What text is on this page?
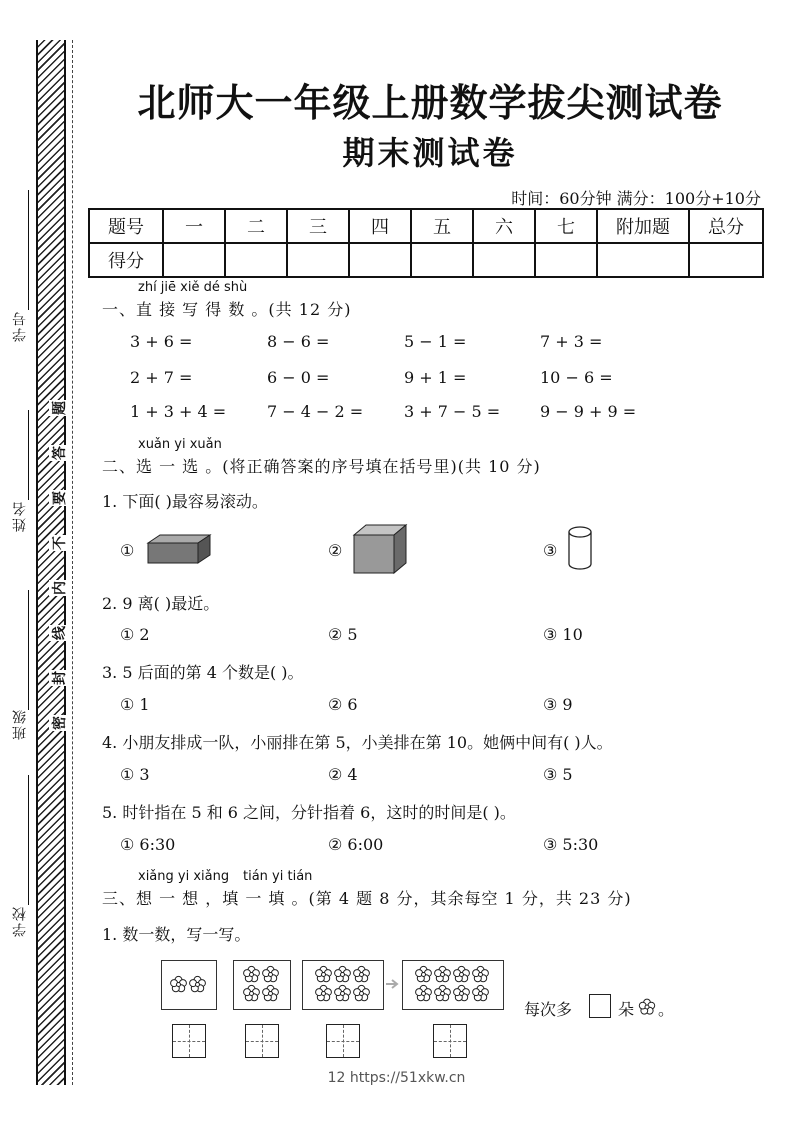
学号
姓名
班级
学校
题
答
要
不
内
线
封
密
北师大一年级上册数学拔尖测试卷
期末测试卷
时间：60分钟 满分：100分+10分
题号	一	二	三	四	五	六	七	附加题	总分
得分									
zhí jiē xiě dé shù
一、直 接 写 得 数 。(共 12 分)
3 + 6 =	8 − 6 =	5 − 1 =	7 + 3 =
2 + 7 =	6 − 0 =	9 + 1 =	10 − 6 =
1 + 3 + 4 =	7 − 4 − 2 =	3 + 7 − 5 = 9 − 9 + 9 =
xuǎn yi xuǎn
二、选 一 选 。(将正确答案的序号填在括号里)(共 10 分)
1. 下面( )最容易滚动。
①	②	③
2. 9 离( )最近。
① 2	② 5	③ 10
3. 5 后面的第 4 个数是( )。
① 1	② 6	③ 9
4. 小朋友排成一队，小丽排在第 5，小美排在第 10。她俩中间有( )人。
① 3	② 4	③ 5
5. 时针指在 5 和 6 之间，分针指着 6，这时的时间是( )。
① 6:30	② 6:00	③ 5:30
xiǎng yi xiǎng tián yi tián
三、想 一 想 ，填 一 填 。(第 4 题 8 分，其余每空 1 分，共 23 分)
1. 数一数，写一写。
每次多	朵 。
12 https://51xkw.cn
